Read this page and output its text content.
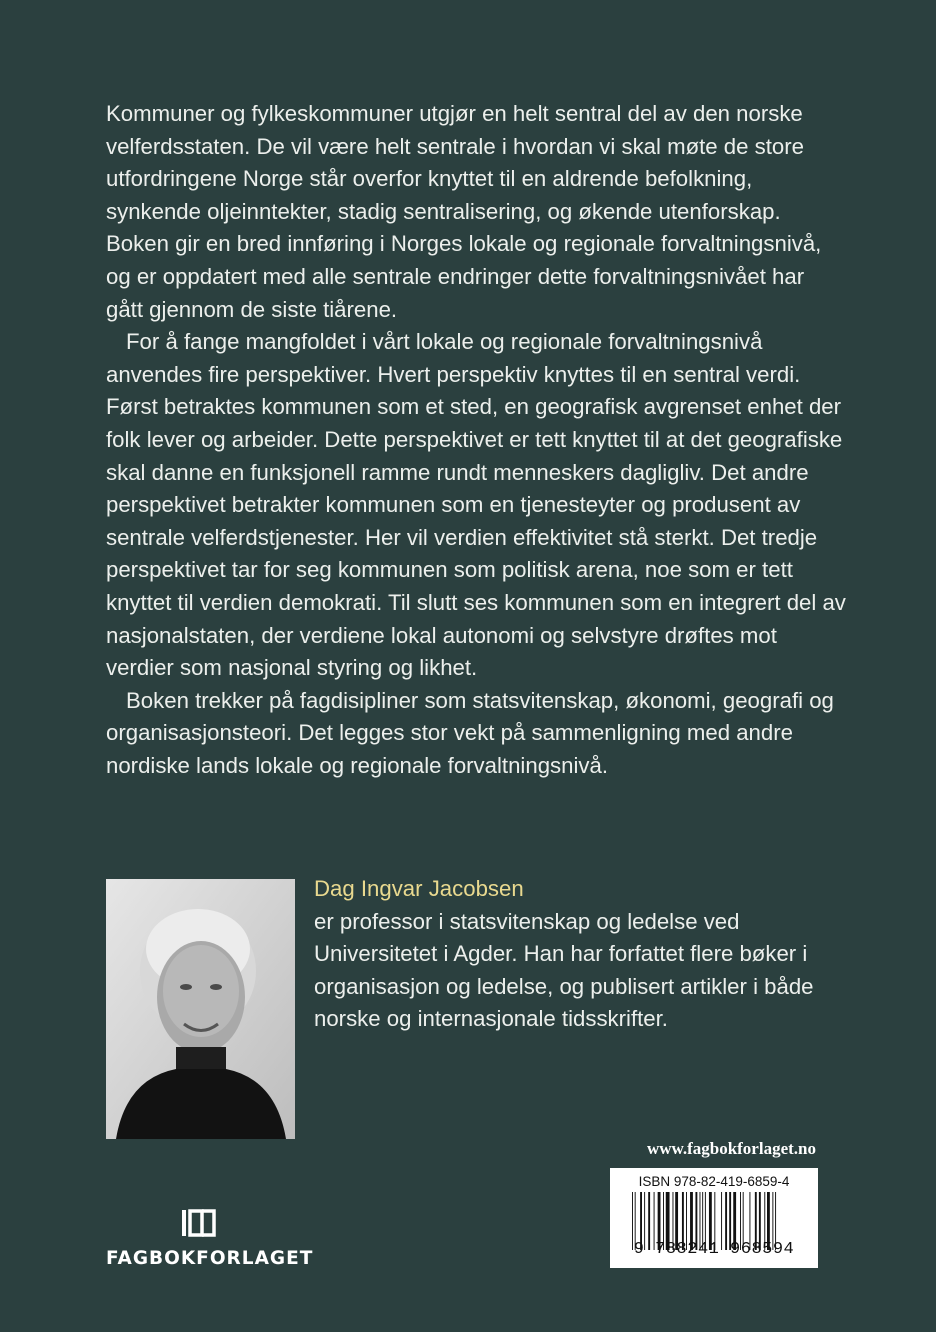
Kommuner og fylkeskommuner utgjør en helt sentral del av den norske velferdsstaten. De vil være helt sentrale i hvordan vi skal møte de store utfordringene Norge står overfor knyttet til en aldrende befolkning, synkende oljeinntekter, stadig sentralisering, og økende utenforskap. Boken gir en bred innføring i Norges lokale og regionale forvaltningsnivå, og er oppdatert med alle sentrale endringer dette forvaltningsnivået har gått gjennom de siste tiårene.

For å fange mangfoldet i vårt lokale og regionale forvaltningsnivå anvendes fire perspektiver. Hvert perspektiv knyttes til en sentral verdi. Først betraktes kommunen som et sted, en geografisk avgrenset enhet der folk lever og arbeider. Dette perspektivet er tett knyttet til at det geografiske skal danne en funksjonell ramme rundt menneskers dagligliv. Det andre perspektivet betrakter kommunen som en tjenesteyter og produsent av sentrale velferdstjenester. Her vil verdien effektivitet stå sterkt. Det tredje perspektivet tar for seg kommunen som politisk arena, noe som er tett knyttet til verdien demokrati. Til slutt ses kommunen som en integrert del av nasjonalstaten, der verdiene lokal autonomi og selvstyre drøftes mot verdier som nasjonal styring og likhet.

Boken trekker på fagdisipliner som statsvitenskap, økonomi, geografi og organisasjonsteori. Det legges stor vekt på sammenligning med andre nordiske lands lokale og regionale forvaltningsnivå.

Dag Ingvar Jacobsen
er professor i statsvitenskap og ledelse ved Universitetet i Agder. Han har forfattet flere bøker i organisasjon og ledelse, og publisert artikler i både norske og internasjonale tidsskrifter.
www.fagbokforlaget.no
ISBN 978-82-419-6859-4
9 788241 968594
FAGBOKFORLAGET
